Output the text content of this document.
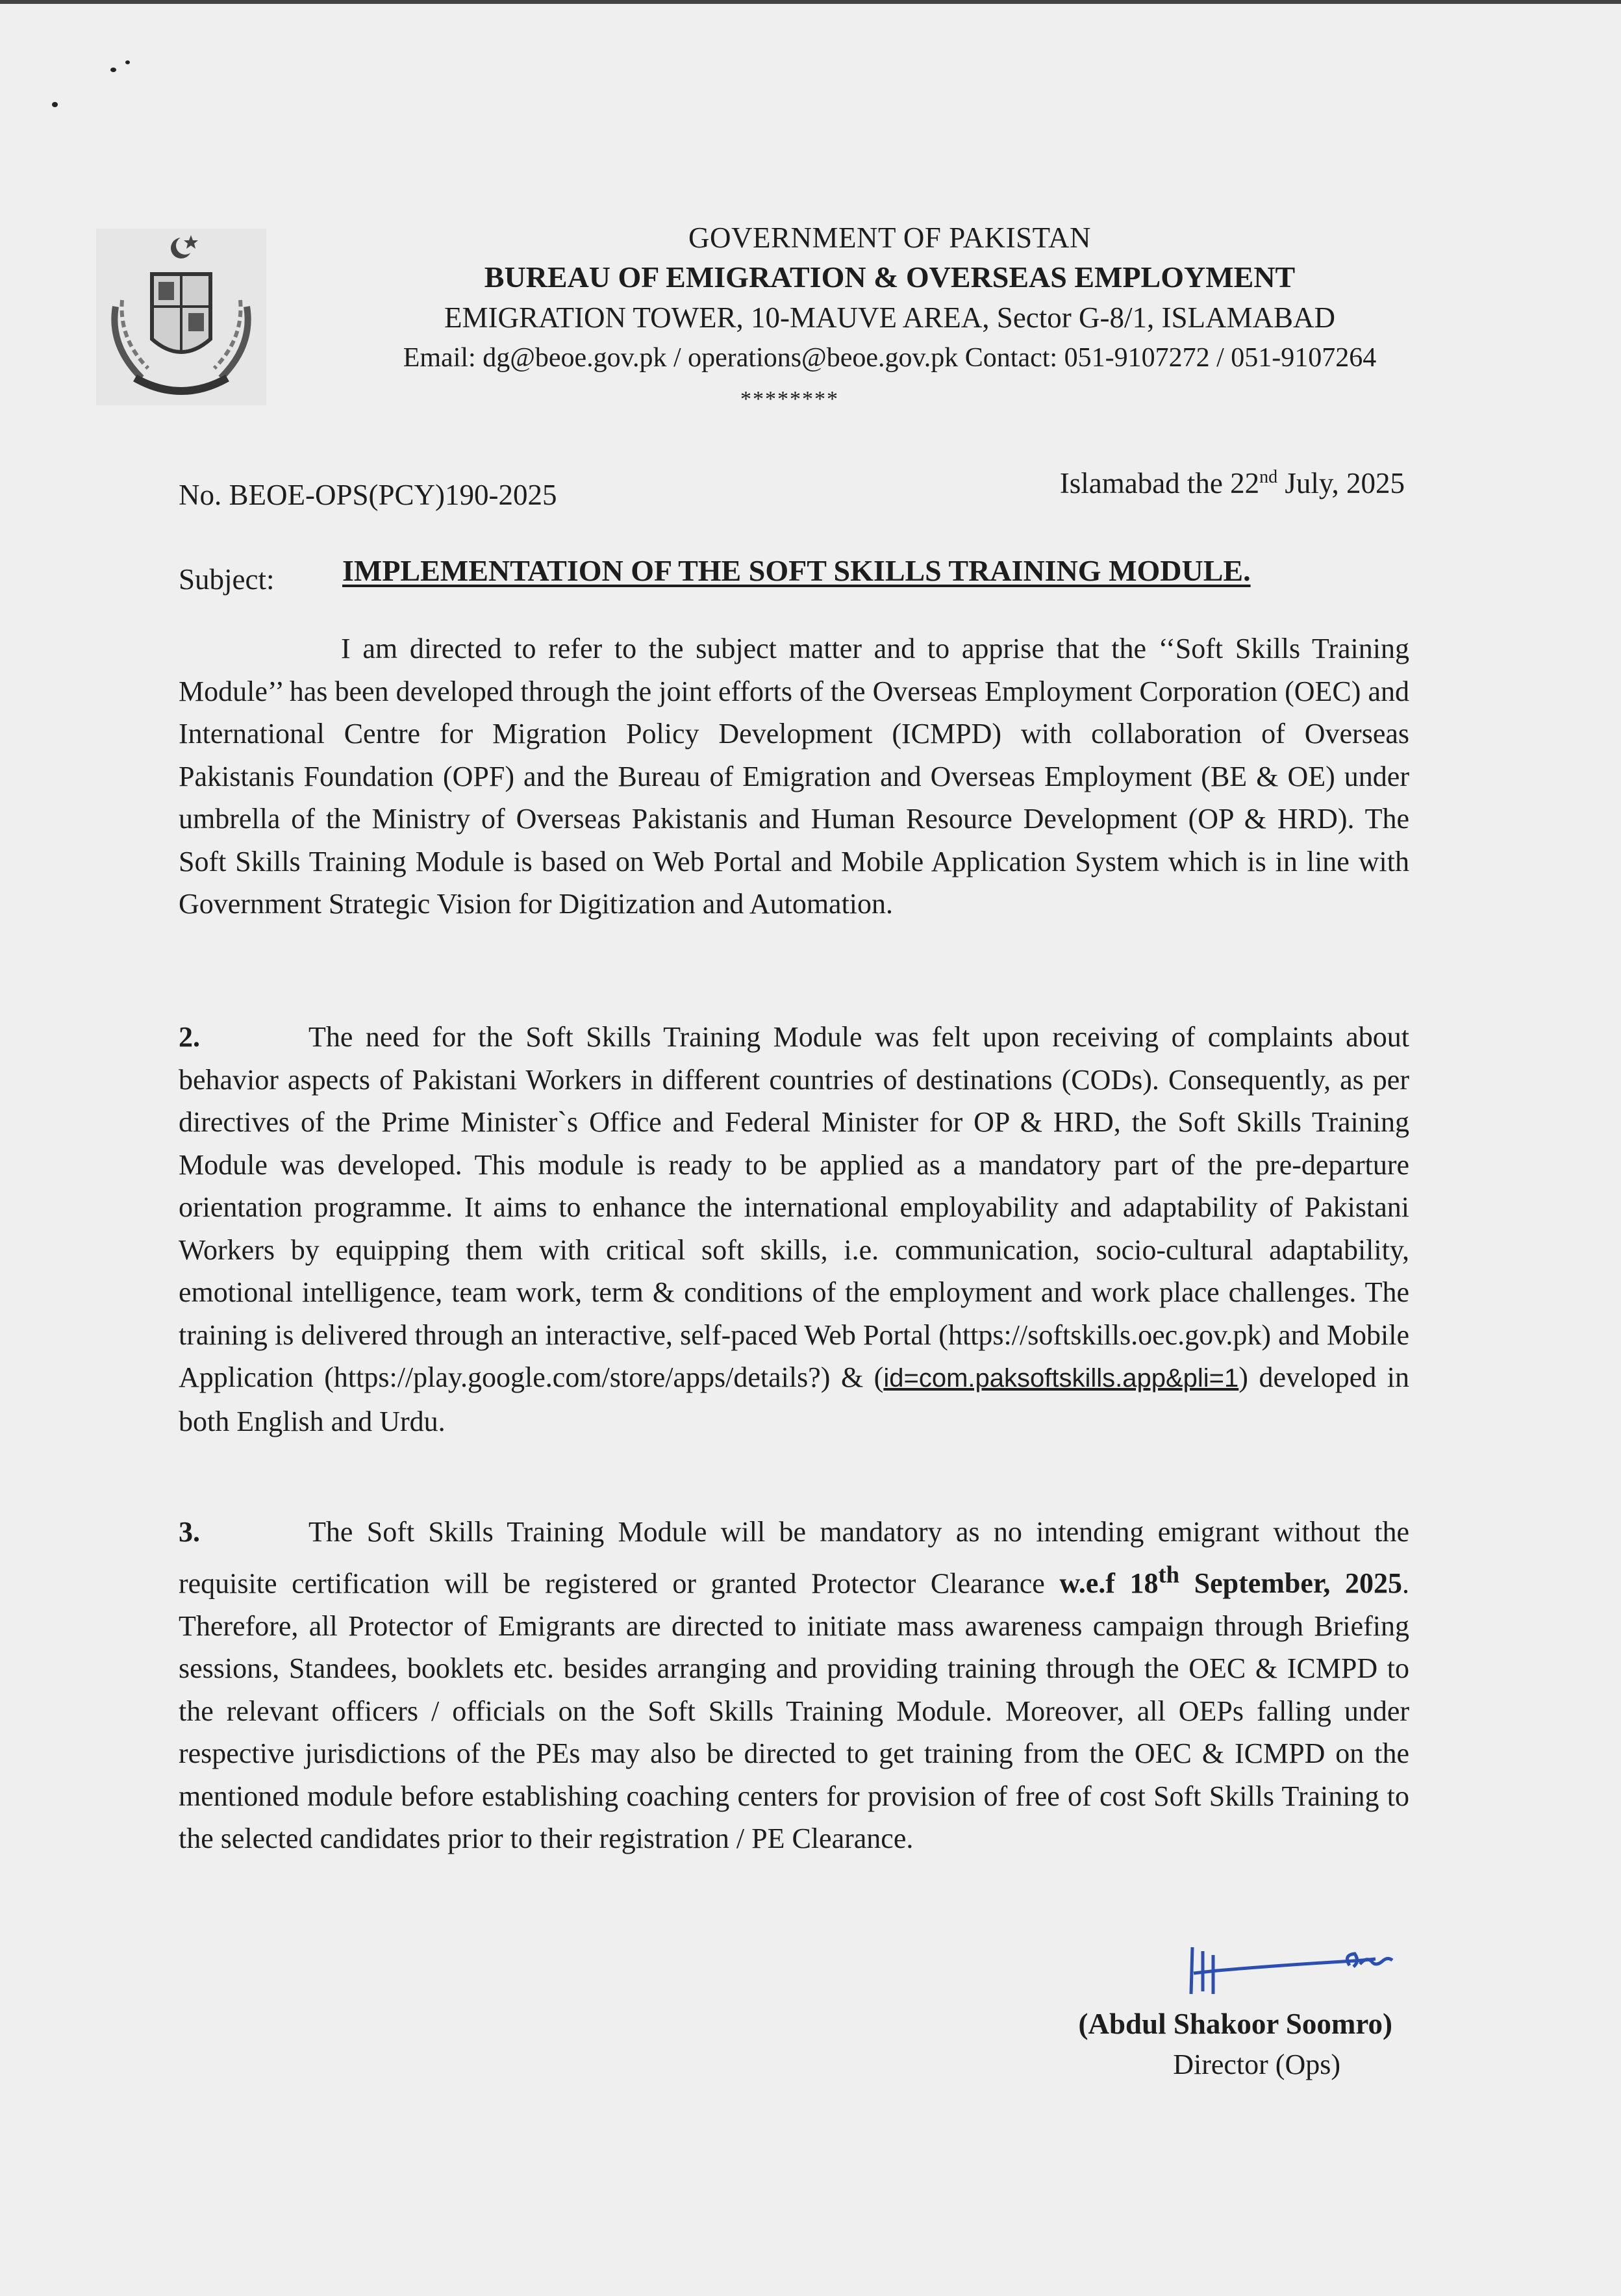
GOVERNMENT OF PAKISTAN
BUREAU OF EMIGRATION & OVERSEAS EMPLOYMENT
EMIGRATION TOWER, 10-MAUVE AREA, Sector G-8/1, ISLAMABAD
Email: dg@beoe.gov.pk / operations@beoe.gov.pk Contact: 051-9107272 / 051-9107264
********
No. BEOE-OPS(PCY)190-2025	Islamabad the 22nd July, 2025
Subject: IMPLEMENTATION OF THE SOFT SKILLS TRAINING MODULE.
I am directed to refer to the subject matter and to apprise that the ‘‘Soft Skills Training Module’’ has been developed through the joint efforts of the Overseas Employment Corporation (OEC) and International Centre for Migration Policy Development (ICMPD) with collaboration of Overseas Pakistanis Foundation (OPF) and the Bureau of Emigration and Overseas Employment (BE & OE) under umbrella of the Ministry of Overseas Pakistanis and Human Resource Development (OP & HRD). The Soft Skills Training Module is based on Web Portal and Mobile Application System which is in line with Government Strategic Vision for Digitization and Automation.
2.	The need for the Soft Skills Training Module was felt upon receiving of complaints about behavior aspects of Pakistani Workers in different countries of destinations (CODs). Consequently, as per directives of the Prime Minister`s Office and Federal Minister for OP & HRD, the Soft Skills Training Module was developed. This module is ready to be applied as a mandatory part of the pre-departure orientation programme. It aims to enhance the international employability and adaptability of Pakistani Workers by equipping them with critical soft skills, i.e. communication, socio-cultural adaptability, emotional intelligence, team work, term & conditions of the employment and work place challenges. The training is delivered through an interactive, self-paced Web Portal (https://softskills.oec.gov.pk) and Mobile Application (https://play.google.com/store/apps/details?) & (id=com.paksoftskills.app&pli=1) developed in both English and Urdu.
3.	The Soft Skills Training Module will be mandatory as no intending emigrant without the requisite certification will be registered or granted Protector Clearance w.e.f 18th September, 2025. Therefore, all Protector of Emigrants are directed to initiate mass awareness campaign through Briefing sessions, Standees, booklets etc. besides arranging and providing training through the OEC & ICMPD to the relevant officers / officials on the Soft Skills Training Module. Moreover, all OEPs falling under respective jurisdictions of the PEs may also be directed to get training from the OEC & ICMPD on the mentioned module before establishing coaching centers for provision of free of cost Soft Skills Training to the selected candidates prior to their registration / PE Clearance.
(Abdul Shakoor Soomro)
Director (Ops)
